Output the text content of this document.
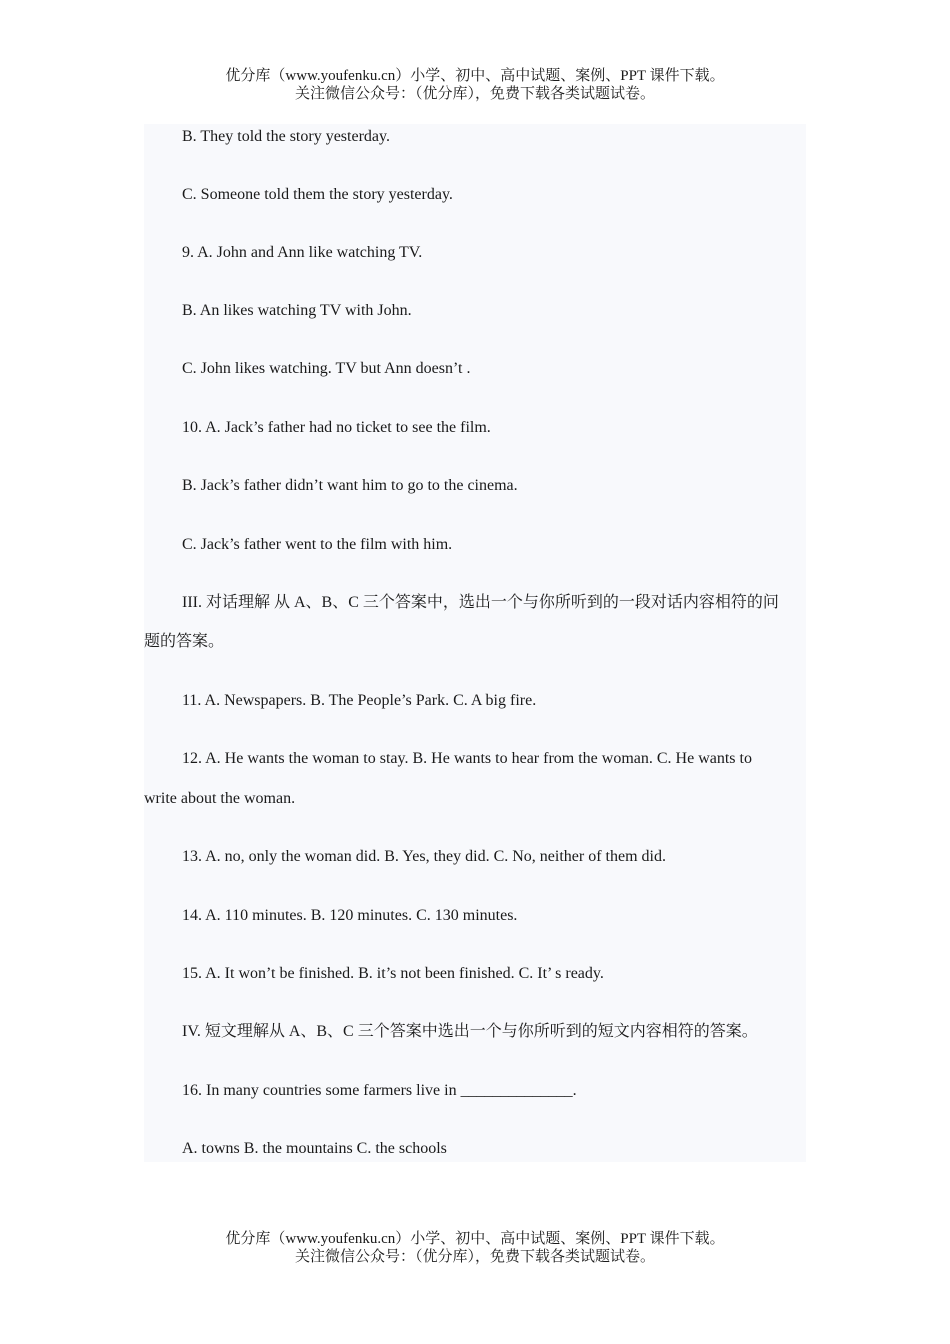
优分库（www.youfenku.cn）小学、初中、高中试题、案例、PPT 课件下载。
关注微信公众号：（优分库），免费下载各类试题试卷。
B. They told the story yesterday.
C. Someone told them the story yesterday.
9. A. John and Ann like watching TV.
B. An likes watching TV with John.
C. John likes watching. TV but Ann doesn’t .
10. A. Jack’s father had no ticket to see the film.
B. Jack’s father didn’t want him to go to the cinema.
C. Jack’s father went to the film with him.
III. 对话理解 从 A、B、C 三个答案中，选出一个与你所听到的一段对话内容相符的问
题的答案。
11. A. Newspapers. B. The People’s Park. C. A big fire.
12. A. He wants the woman to stay. B. He wants to hear from the woman. C. He wants to
write about the woman.
13. A. no, only the woman did. B. Yes, they did. C. No, neither of them did.
14. A. 110 minutes. B. 120 minutes. C. 130 minutes.
15. A. It won’t be finished. B. it’s not been finished. C. It’ s ready.
IV. 短文理解从 A、B、C 三个答案中选出一个与你所听到的短文内容相符的答案。
16. In many countries some farmers live in ______________.
A. towns B. the mountains C. the schools
优分库（www.youfenku.cn）小学、初中、高中试题、案例、PPT 课件下载。
关注微信公众号：（优分库），免费下载各类试题试卷。
